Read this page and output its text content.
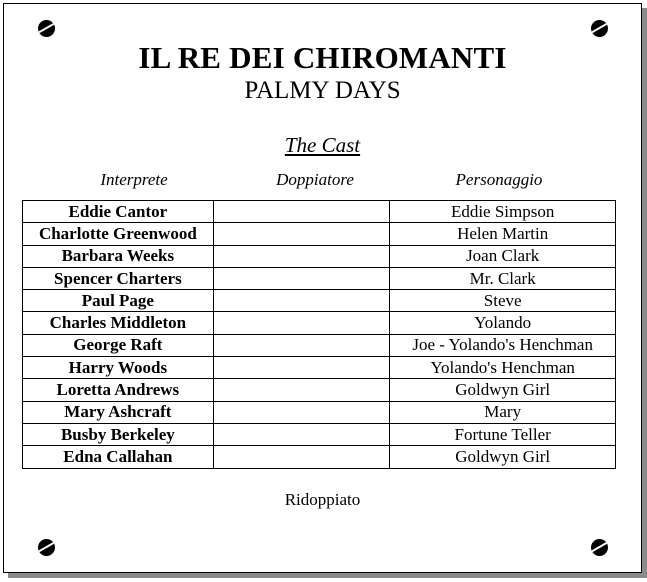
IL RE DEI CHIROMANTI
PALMY DAYS
The Cast
Interprete	Doppiatore	Personaggio
Eddie Cantor		Eddie Simpson
Charlotte Greenwood		Helen Martin
Barbara Weeks		Joan Clark
Spencer Charters		Mr. Clark
Paul Page		Steve
Charles Middleton		Yolando
George Raft		Joe - Yolando's Henchman
Harry Woods		Yolando's Henchman
Loretta Andrews		Goldwyn Girl
Mary Ashcraft		Mary
Busby Berkeley		Fortune Teller
Edna Callahan		Goldwyn Girl
Ridoppiato
